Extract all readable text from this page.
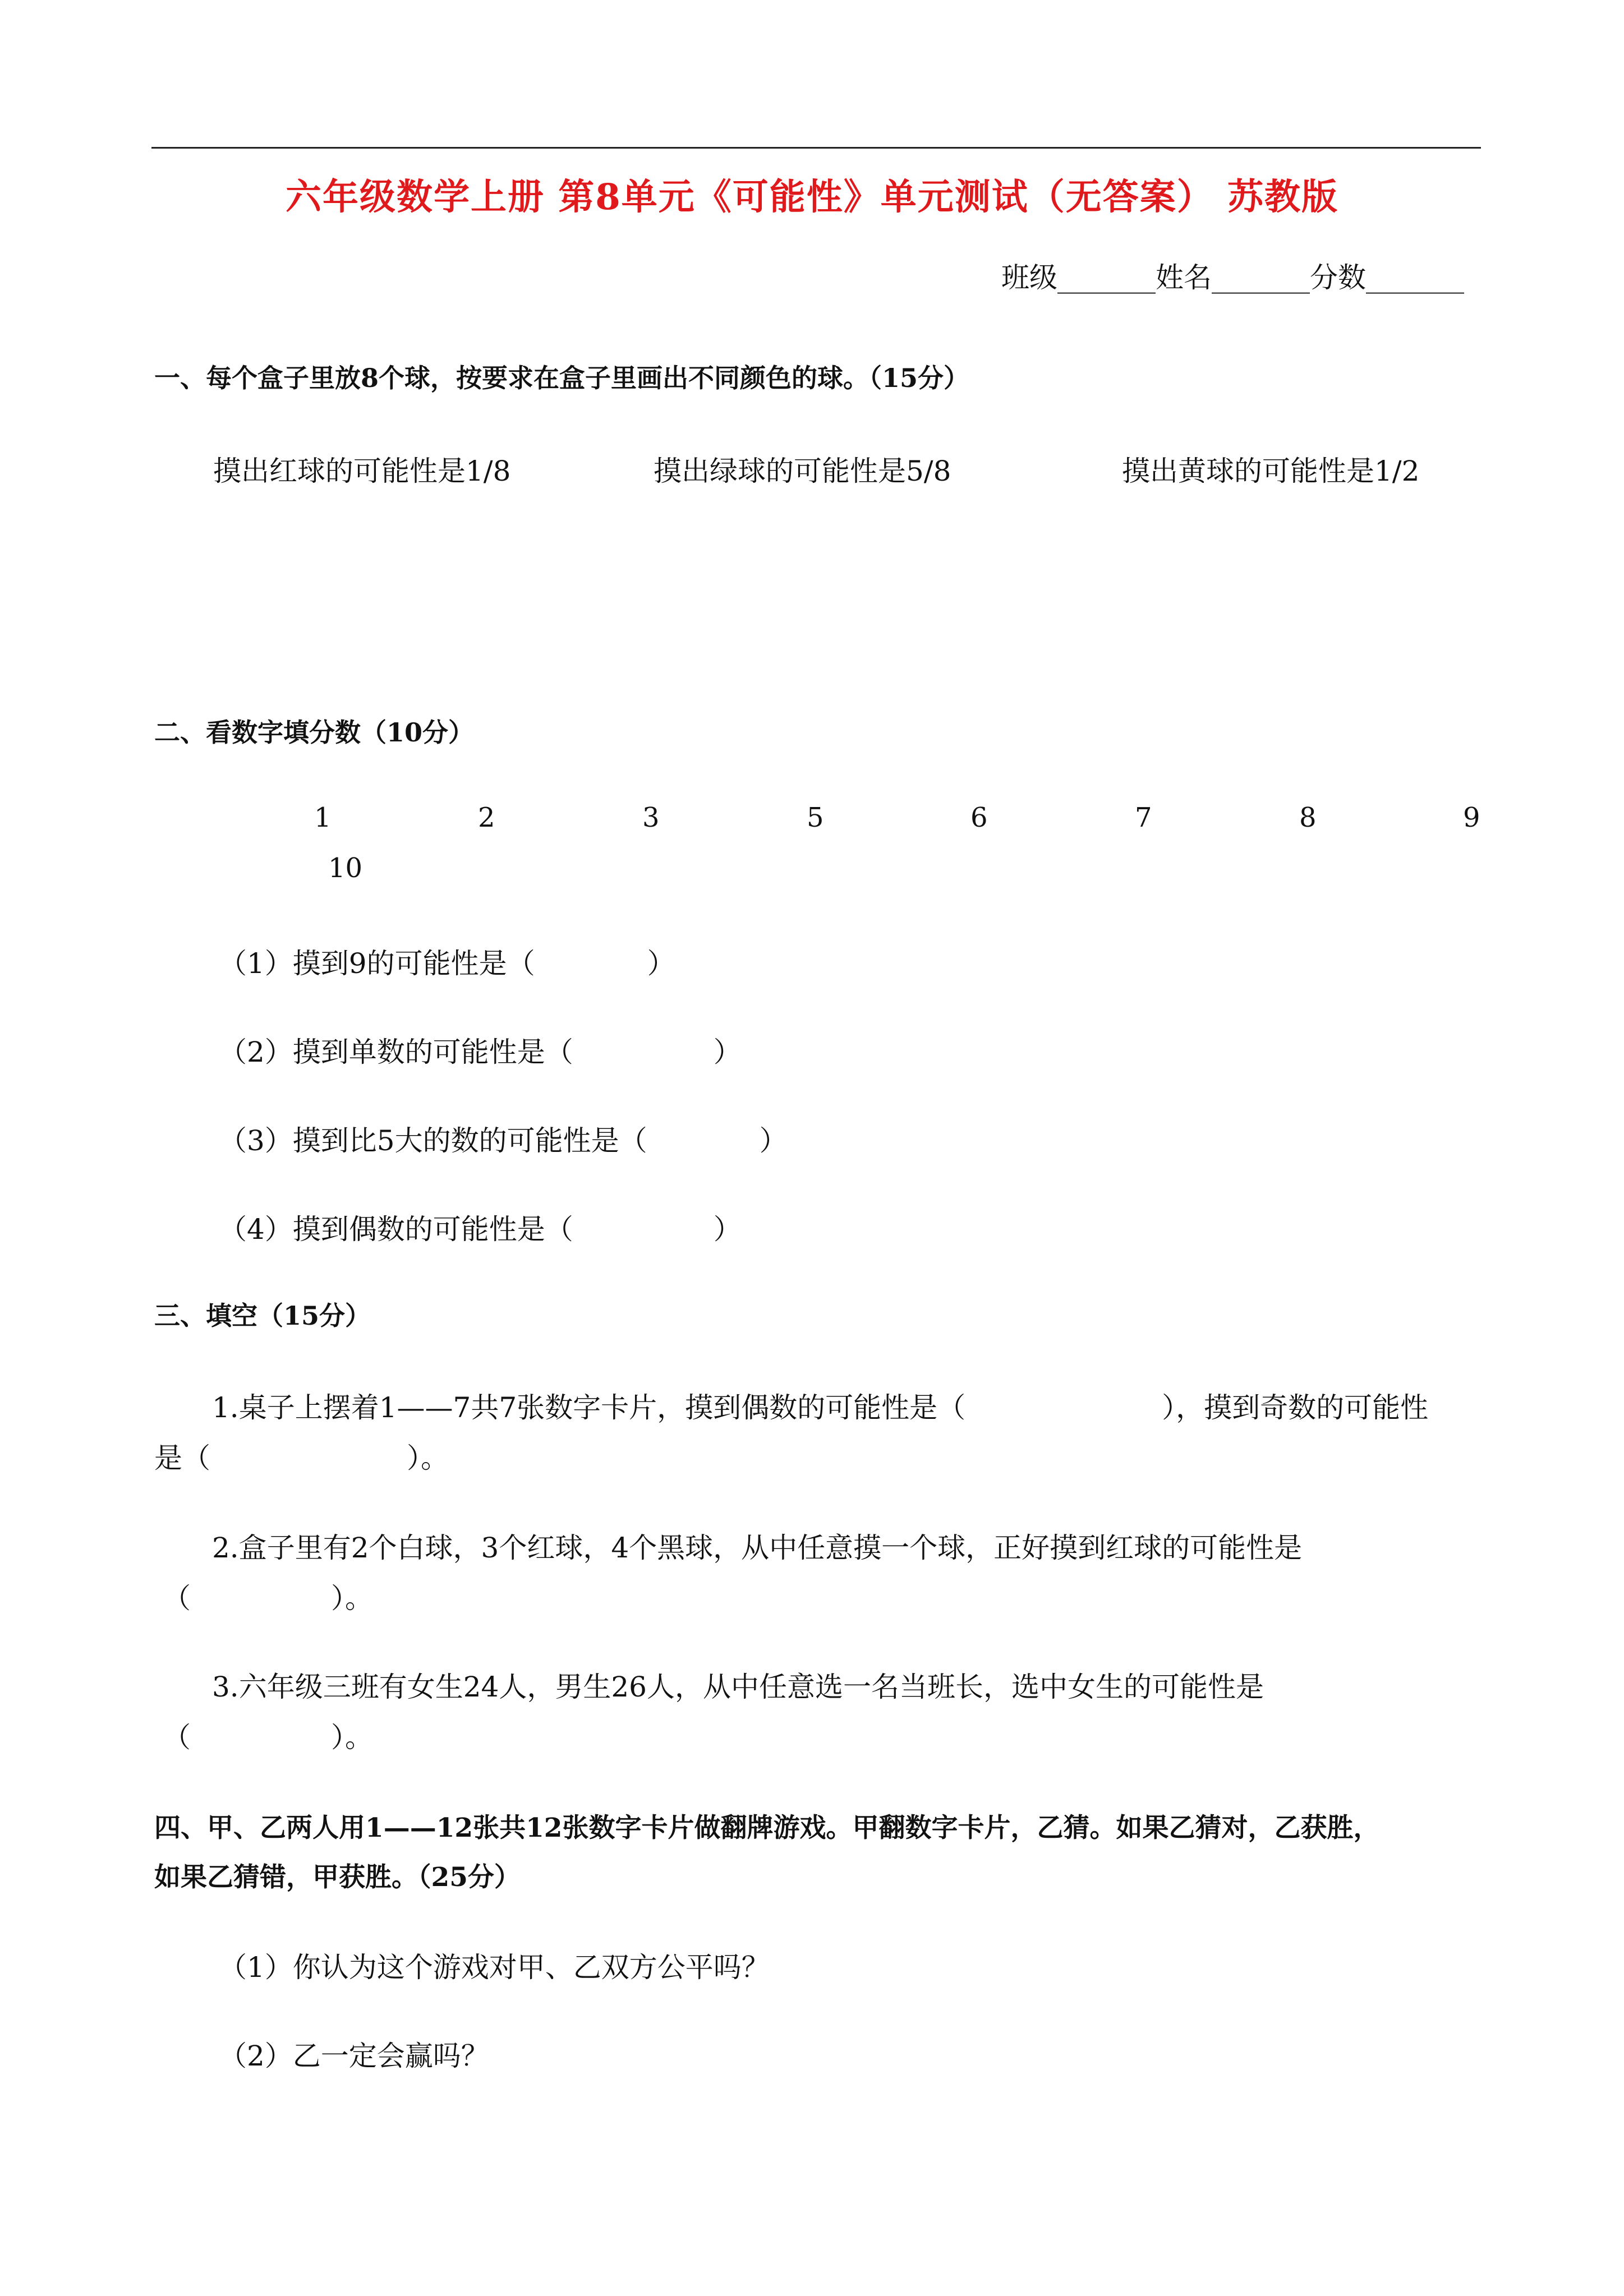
六年级数学上册 第8单元《可能性》单元测试（无答案） 苏教版
班级_______姓名_______分数_______
一、每个盒子里放8个球，按要求在盒子里画出不同颜色的球。（15分）
摸出红球的可能性是1/8	摸出绿球的可能性是5/8	摸出黄球的可能性是1/2
二、看数字填分数（10分）
1	2	3	5	6	7	8	9
10
（1）摸到9的可能性是（　　　　）
（2）摸到单数的可能性是（　　　　　）
（3）摸到比5大的数的可能性是（　　　　）
（4）摸到偶数的可能性是（　　　　　）
三、填空（15分）
1.桌子上摆着1——7共7张数字卡片，摸到偶数的可能性是（　　　　　　　），摸到奇数的可能性
是（　　　　　　　）。
2.盒子里有2个白球，3个红球，4个黑球，从中任意摸一个球，正好摸到红球的可能性是
（　　　　　）。
3.六年级三班有女生24人，男生26人，从中任意选一名当班长，选中女生的可能性是
（　　　　　）。
四、甲、乙两人用1——12张共12张数字卡片做翻牌游戏。甲翻数字卡片，乙猜。如果乙猜对，乙获胜，
如果乙猜错，甲获胜。（25分）
（1）你认为这个游戏对甲、乙双方公平吗？
（2）乙一定会赢吗？
